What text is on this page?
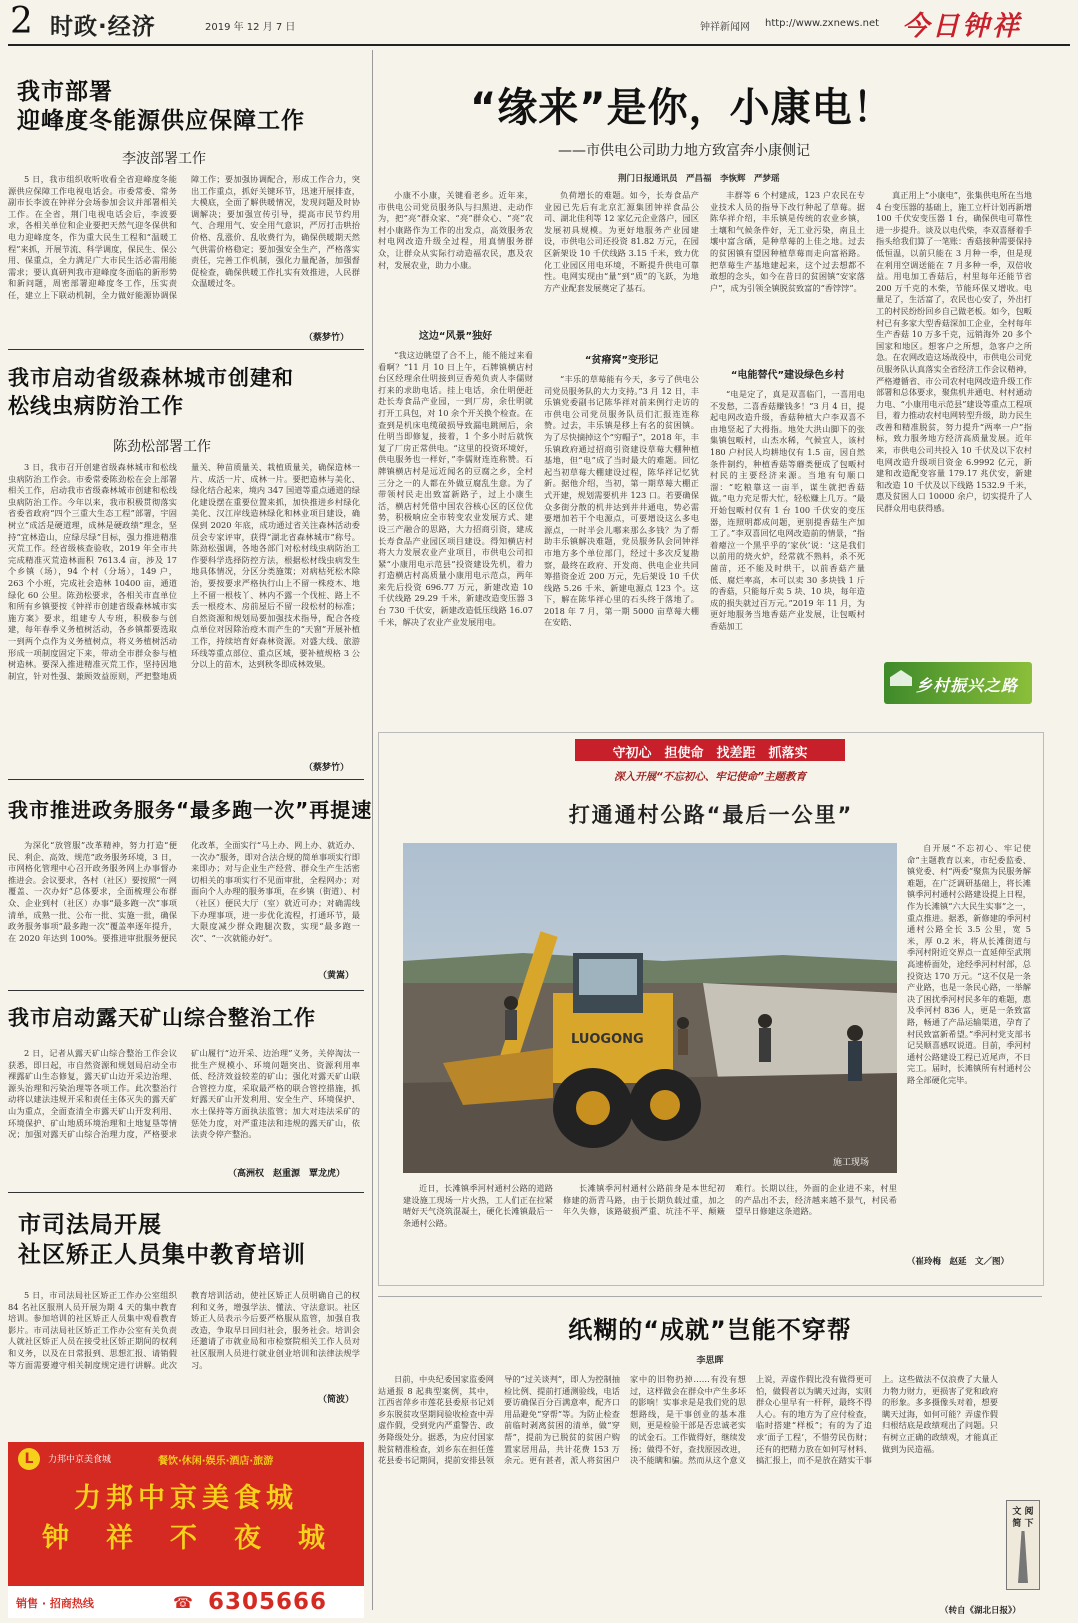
2 时政·经济	2019 年 12 月 7 日	钟祥新闻网 http://www.zxnews.net 今日钟祥
我市部署
迎峰度冬能源供应保障工作
李波部署工作
5 日，我市组织收听收看全省迎峰度冬能源供应保障工作电视电话会。市委常委、常务副市长李波在钟祥分会场参加会议并部署相关工作。在全省，荆门电视电话会后，李波要求，各相关单位和企业要把天然气迎冬保供和电力迎峰度冬，作为重大民生工程和“温暖工程”来抓，开展节流、科学调度，保民生、保公用、保重点，全力满足广大市民生活必需用能需求；要认真研判我市迎峰度冬面临的新形势和新问题，周密部署迎峰度冬工作，压实责任，建立上下联动机制，全力做好能源协调保障工作；要加强协调配合，形成工作合力，突出工作重点，抓好关键环节，迅速开展排查，大模底，全面了解供暖情况，发现问题及时协调解决；要加强宣传引导，提高市民节约用气、合理用气、安全用气意识，严厉打击哄抬价格、乱涨价、乱收费行为，确保供暖期天然气供需价格稳定；要加强安全生产，严格落实责任，完善工作机制，强化力量配备，加强督促检查，确保供暖工作扎实有效推进，人民群众温暖过冬。
（蔡梦竹）
我市启动省级森林城市创建和
松线虫病防治工作
陈劲松部署工作
3 日，我市召开创建省级森林城市和松线虫病防治工作会。市委常委陈劲松在会上部署相关工作，启动我市省级森林城市创建和松线虫病防治工作。今年以来，我市积极贯彻落实省委省政府“四个三重大生态工程”部署，宇固树立“成活是硬道理，成林是硬政绩”理念，坚持“宜林造山，应绿尽绿”目标，强力推进精准灭荒工作。经省级核查验收，2019 年全市共完成精准灭荒造林面积 7613.4 亩，涉及 17 个乡镇（场），94 个村（分场），149 户，263 个小班，完成社会造林 10400 亩，通道绿化 60 公里。陈劲松要求，各相关市直单位和所有乡镇要按《钟祥市创建省级森林城市实施方案》要求，组建专人专班，积极参与创建，每年春季义务植树活动，各乡镇都要选取一到两个点作为义务植树点，将义务植树活动形成一项制度固定下来，带动全市群众参与植树造林。要深入推进精准灭荒工作，坚持因地制宜，针对性强、兼顾效益原则，严把整地质量关、种苗质量关、栽植质量关，确保造林一片、成活一片、成林一片。要把造林与美化、绿化结合起来，境内 347 国道等重点通道的绿化建设摆在重要位置来抓，加快推进乡村绿化美化、汉江岸线造林绿化和林业项目建设，确保到 2020 年底，成功通过省关注森林活动委员会专家评审，获得“湖北省森林城市”称号。陈劲松强调，各地各部门对松材线虫病防治工作要科学选择防控方法，根据松材线虫病发生地具体情况，分区分类施策；对病枯死松木除治，要按要求严格执行山上不留一株疫木、地上不留一根枝丫、林内不露一个伐桩、路上不丢一根疫木、房前屋后不留一段松材的标准；自然资源和规划局要加强技术指导，配合各疫点单位对因除治疫木而产生的“天窗”开展补植工作，持续培育好森林资源。对盛大线、旅游环线等重点部位、重点区域，要补植规格 3 公分以上的苗木，达到秋冬即成林效果。
（蔡梦竹）
我市推进政务服务“最多跑一次”再提速
为深化“放管服”改革精神，努力打造“便民、利企、高效、规范”政务服务环境，3 日，市网格化管理中心召开政务服务网上办事督办推进会。会议要求，各村（社区）要按照“一网覆盖、一次办好”总体要求，全面梳理公布群众、企业到村（社区）办事“最多跑一次”事项清单，成熟一批、公布一批、实施一批，确保政务服务事项“最多跑一次”覆盖率逐年提升，在 2020 年达到 100%。要推进审批服务便民化改革，全面实行“马上办、网上办、就近办、一次办”服务，即对合法合规的简单事项实行即来即办；对与企业生产经营、群众生产生活密切相关的事项实行不见面审批，全程网办；对面向个人办理的服务事项，在乡镇（街道）、村（社区）便民大厅（室）就近可办；对确需线下办理事项，进一步优化流程，打通环节，最大限度减少群众跑腿次数，实现“最多跑一次”、“一次就能办好”。
（黄嵩）
我市启动露天矿山综合整治工作
2 日，记者从露天矿山综合整治工作会议获悉，即日起，市自然资源和规划局启动全市裸露矿山生态修复，露天矿山边开采边治理、源头治理和污染治理等各项工作。此次整治行动将以建法违规开采和责任主体灭失的露天矿山为重点，全面查清全市露天矿山开发利用、环境保护、矿山地质环境治理和土地复垦等情况；加强对露天矿山综合治理力度，严格要求矿山履行“边开采、边治理”义务，关停淘汰一批生产规模小、环境问题突出、资源利用率低、经济效益较差的矿山；强化对露天矿山联合管控力度，采取最严格的联合管控措施，抓好露天矿山开发利用、安全生产、环境保护、水土保持等方面执法监管；加大对违法采矿的惩处力度，对严重违法和违规的露天矿山，依法责令停产整治。
（高洲权　赵重源　覃龙虎）
市司法局开展
社区矫正人员集中教育培训
5 日，市司法局社区矫正工作办公室组织 84 名社区服刑人员开展为期 4 天的集中教育培训。参加培训的社区矫正人员集中观看教育影片。市司法局社区矫正工作办公室有关负责人就社区矫正人员在接受社区矫正期间的权利和义务，以及在日常报到、思想汇报、请销假等方面需要遵守相关制度规定进行讲解。此次教育培训活动，使社区矫正人员明确自己的权利和义务，增强学法、懂法、守法意识。社区矫正人员表示今后要严格服从监管，加强自我改造，争取早日回归社会，服务社会。培训会还邀请了市就业局和市检察院相关工作人员对社区服刑人员进行就业创业培训和法律法规学习。
（简波）
L	力邦中京美食城	餐饮·休闲·娱乐·酒店·旅游
力邦中京美食城
钟　祥　不　夜　城
销售 · 招商热线	☎ 6305666
“缘来”是你，小康电！
——市供电公司助力地方致富奔小康侧记
荆门日报通讯员　严昌福　李恢辉　严梦瑶
小康不小康，关键看老乡。近年来，市供电公司党员服务队与扫黑进、走动作为，把“亮”群众家、“亮”群众心、“亮”农村小康路作为工作的出发点，高效服务农村电网改造升级全过程，用真情服务群众，让群众从实际行动造福农民，惠及农村，发展农业，助力小康。
这边“风景”独好
“我这边眺望了合不上，能不能过来看看啊？”11 月 10 日上午，石牌镇横店村台区经理余仕明接到豆香苑负责人李儒财打来的求助电话。挂上电话，余仕明便赶赴长寿食品产业园，一到厂房，余仕明就打开工具包，对 10 余个开关换个检查。在查到是机床电缆破损导致漏电跳闸后，余仕明当即修复，接着，1 个多小时后就恢复了厂房正常供电。“这里的投资环境好，供电服务也一样好，”李儒财连连称赞。石牌镇横店村是远近闻名的豆腐之乡，全村三分之一的人都在外做豆腐乱生意。为了带领村民走出致富新路子，过上小康生活，横店村凭借中国农谷核心区的区位优势，积极响应全市转变农业发展方式、建设三产融合的思路，大力招商引资，建成长寿食品产业园区项目建设。得知横店村将大力发展农业产业项目，市供电公司扣紧“小康用电示范县”投资建设先机，着力打造横店村高质量小康用电示范点，两年来先后投资 696.77 万元，新建改造 10 千伏线路 29.29 千米，新建改造变压器 3 台 730 千伏安，新建改造低压线路 16.07 千米，解决了农业产业发展用电。
负荷增长的难题。如今，长寿食品产业园已先后有北京汇源集团钟祥食品公司、湖北佳利等 12 家亿元企业落户，园区发展初具规模。为更好地服务产业园建设，市供电公司还投资 81.82 万元，在园区新架设 10 千伏线路 3.15 千米，致力优化工业园区用电环境，不断提升供电可靠性。电网实现由“量”到“质”的飞跃，为地方产业配套发展奠定了基石。
“贫瘠窝”变形记
“丰乐的草莓能有今天，多亏了供电公司党员服务队的大力支持。”3 月 12 日，丰乐镇党委副书记陈华祥对前来例行走访的市供电公司党员服务队员们汇报连连称赞。过去，丰乐镇是移上有名的贫困镇。为了尽快摘掉这个“穷帽子”，2018 年，丰乐镇政府通过招商引资建设草莓大棚种植基地，但“电”成了当时最大的难题。回忆起当初草莓大棚建设过程，陈华祥记忆犹新。据他介绍，当初，第一期草莓大棚正式开建，规划需要机井 123 口。若要确保众多街分散的机井达到井井通电，势必需要增加若干个电源点，可要增设这么多电源点，一时半会儿哪来那么多钱？为了帮助丰乐镇解决难题，党员服务队会同钟祥市地方多个单位部门，经过十多次反复勘察，最终在政府、开发商、供电企业共同筹措资金近 200 万元，先后架设 10 千伏线路 5.26 千米、新建电源点 123 个。这下，解在陈华祥心里的石头终于落地了。2018 年 7 月，第一期 5000 亩草莓大棚在安皓、
丰群等 6 个村建成，123 户农民在专业技术人员的指导下改行种起了草莓。据陈华祥介绍，丰乐镇是传统的农业乡镇，土壤和气候条件好，无工业污染，南且土壤中富含硒，是种草莓的上佳之地。过去的贫困镇有望因种植草莓而走向富裕路。把草莓生产基地建起来，这个过去想都不敢想的念头，如今在昔日的贫困镇“安家落户”，成为引领全镇脱贫致富的“香饽饽”。
“电能替代”建设绿色乡村
“电是定了，真是双喜临门，一喜用电不发愁，二喜香菇赚钱多！”3 月 4 日，提起电网改造升级，香菇种植大户李双喜不由地竖起了大拇指。地处大洪山脚下的张集镇包畈村，山杰水稀，气候宜人，该村 180 户村民人均耕地仅有 1.5 亩，因自然条件制约，种植香菇等蘑类便成了包畈村村民的主要经济来源。当地有句顺口溜：“吃粮靠这一亩半，谋生就把香菇做。”电力充足帮大忙，轻松赚上几万。“最开始包畈村仅有 1 台 100 千伏安的变压器，连照明都成问题，更别提香菇生产加工了。”李双喜回忆电网改造前的情景，“指着瘪泣一个黑乎乎的‘家伙’说：‘这是我们以前用的烧火炉，经常就不熟料，杀不死菌苗，还不能及时烘干，以前香菇产量低、腐烂率高，本可以卖 30 多块钱 1 斤的香菇，只能每斤卖 5 块、10 块，每年造成的损失就过百万元。”2019 年 11 月，为更好地服务当地香菇产业发展，让包畈村香菇加工
真正用上“小康电”，张集供电所在当地 4 台变压器的基础上，施工立杆计划再新增 100 千伏安变压器 1 台，确保供电可靠性进一步提升。谈及以电代柴，李双喜掰着手指头给我们算了一笔账：香菇接种需要保持低恒温，以前只能在 3 月种一季，但是现在利用空调送能在 7 月多种一季，双倍收益。用电加工香菇后，村里每年还能节省 200 万千克的木柴，节能环保又增收。电量足了，生活富了，农民也心安了，外出打工的村民纷纷回乡自己做老板。如今，包畈村已有多家大型香菇深加工企业，全村每年生产香菇 10 万多千克，远销海外 20 多个国家和地区。想客户之所想，急客户之所急。在农网改造这场战役中，市供电公司党员服务队认真落实全省经济工作会议精神，严格遵循省、市公司农村电网改造升级工作部署和总体要求，聚焦机井通电、村村通动力电、“小康用电示范县”建设等重点工程项目，着力推动农村电网转型升级，助力民生改善和精准脱贫，努力提升“两率一户”指标，致力服务地方经济高质量发展。近年来，市供电公司共投入 10 千伏及以下农村电网改造升级项目资金 6.9992 亿元，新建和改造配变容量 179.17 兆伏安，新建和改造 10 千伏及以下线路 1532.9 千米，惠及贫困人口 10000 余户，切实提升了人民群众用电获得感。
乡村振兴之路
守初心　担使命　找差距　抓落实
深入开展“不忘初心、牢记使命”主题教育
打通通村公路“最后一公里”
LUOGONG
施工现场
自开展“不忘初心、牢记使命”主题教育以来，市纪委监委、镇党委、村“两委”聚焦为民服务解难题，在广泛调研基础上，将长滩镇季河村通村公路建设提上日程，作为长滩镇“六大民生实事”之一，重点推进。据悉，新修建的季河村通村公路全长 3.5 公里，宽 5 米，厚 0.2 米，将从长滩街道与季河村附近交界点一直延伸至武荆高速桥面处，途经季河村村部，总投资达 170 万元。“这不仅是一条产业路，也是一条民心路，一举解决了困扰季河村民多年的难题，惠及季河村 836 人，更是一条致富路，畅通了产品运输渠道，孕育了村民致富新希望。”季河村党支部书记吴顺喜感叹说道。目前，季河村通村公路建设工程已近尾声，不日完工。届时，长滩镇所有村通村公路全部硬化完毕。
近日，长滩镇季河村通村公路的道路建设施工现场一片火热，工人们正在拉紧晴好天气浇筑混凝土，硬化长滩镇最后一条通村公路。
长滩镇季河村通村公路前身是本世纪初修建的沥青马路，由于长期负载过重，加之年久失修，该路破损严重、坑洼不平、颠簸难行。长期以往，外面的企业进不来，村里的产品出不去，经济越来越不景气，村民希望早日修建这条道路。
（崔玲梅　赵延　文／图）
纸糊的“成就”岂能不穿帮
李思晖
日前，中央纪委国家监委网站通报 8 起典型案例，其中，江西省萍乡市莲花县委原书记刘乡东脱贫攻坚期间验收检查中弄虚作假，受到党内严重警告、政务降级处分。据悉，为应付国家脱贫精准检查，刘乡东在担任莲花县委书记期间，提前安排县领导的“过关谈判”，即人为控制抽检比例、提前打通测验线，电话要访确保百分百满意率，配齐口用品避免“穿帮”等。为防止检查前临时剥离贫困的清单，做“穿帮”，提前为已脱贫的贫困户购置家居用品，共计花费 153 万余元。更有甚者，派人将贫困户家中的旧物扔掉……有没有想过，这样做会在群众中产生多坏的影响！实事求是是我们党的思想路线，是干事创业的基本准则，更是检验干部是否忠诚老实的试金石。工作做得好，继续发扬；做得不好，查找原因改进，决不能瞒和骗。然而从这个意义上说，弄虚作假比没有做得更可怕，做假者以为瞒天过海，实则群众心里早有一杆秤，最终不得人心。有的地方为了应付检查，临时搭建“样板”；有的为了追求‘面子工程’，不惜劳民伤财；还有的把精力放在如何写材料、搞汇报上，而不是放在踏实干事上。这些做法不仅浪费了大量人力物力财力，更损害了党和政府的形象。多多摄像头对着，想要瞒天过海，如何可能？弄虚作假归根结底是政绩观出了问题。只有树立正确的政绩观，才能真正做到为民造福。
文 阅
简 下
（转自《湖北日报》）
